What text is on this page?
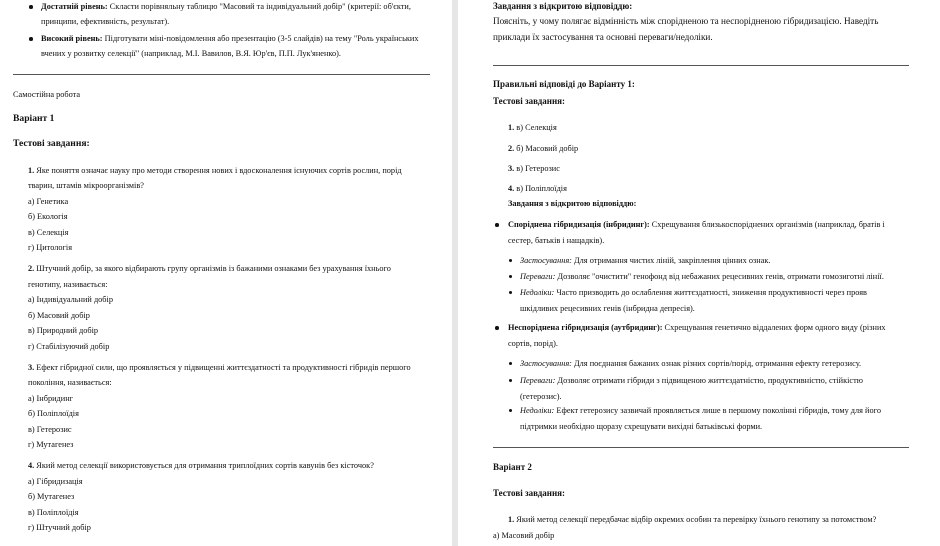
Достатній рівень: Скласти порівняльну таблицю "Масовий та індивідуальний добір" (критерії: об'єкти,
принципи, ефективність, результат).
Високий рівень: Підготувати міні-повідомлення або презентацію (3-5 слайдів) на тему "Роль українських
вчених у розвитку селекції" (наприклад, М.І. Вавилов, В.Я. Юр'єв, П.П. Лук'яненко).
Самостійна робота
Варіант 1
Тестові завдання:
1. Яке поняття означає науку про методи створення нових і вдосконалення існуючих сортів рослин, порід
тварин, штамів мікроорганізмів?
а) Генетика
б) Екологія
в) Селекція
г) Цитологія
2. Штучний добір, за якого відбирають групу організмів із бажаними ознаками без урахування їхнього
генотипу, називається:
а) Індивідуальний добір
б) Масовий добір
в) Природний добір
г) Стабілізуючий добір
3. Ефект гібридної сили, що проявляється у підвищенні життєздатності та продуктивності гібридів першого
покоління, називається:
а) Інбридинг
б) Поліплоїдія
в) Гетерозис
г) Мутагенез
4. Який метод селекції використовується для отримання триплоїдних сортів кавунів без кісточок?
а) Гібридизація
б) Мутагенез
в) Поліплоїдія
г) Штучний добір
Завдання з відкритою відповіддю:
Поясніть, у чому полягає відмінність між спорідненою та неспорідненою гібридизацією. Наведіть
приклади їх застосування та основні переваги/недоліки.
Правильні відповіді до Варіанту 1:
Тестові завдання:
1. в) Селекція
2. б) Масовий добір
3. в) Гетерозис
4. в) Поліплоїдія
Завдання з відкритою відповіддю:
Споріднена гібридизація (інбридинг): Схрещування близькоспоріднених організмів (наприклад, братів і
сестер, батьків і нащадків).
Застосування: Для отримання чистих ліній, закріплення цінних ознак.
Переваги: Дозволяє "очистити" генофонд від небажаних рецесивних генів, отримати гомозиготні лінії.
Недоліки: Часто призводить до ослаблення життєздатності, зниження продуктивності через прояв
шкідливих рецесивних генів (інбридна депресія).
Неспоріднена гібридизація (аутбридинг): Схрещування генетично віддалених форм одного виду (різних
сортів, порід).
Застосування: Для поєднання бажаних ознак різних сортів/порід, отримання ефекту гетерозису.
Переваги: Дозволяє отримати гібриди з підвищеною життєздатністю, продуктивністю, стійкістю
(гетерозис).
Недоліки: Ефект гетерозису зазвичай проявляється лише в першому поколінні гібридів, тому для його
підтримки необхідно щоразу схрещувати вихідні батьківські форми.
Варіант 2
Тестові завдання:
1. Який метод селекції передбачає відбір окремих особин та перевірку їхнього генотипу за потомством?
а) Масовий добір
